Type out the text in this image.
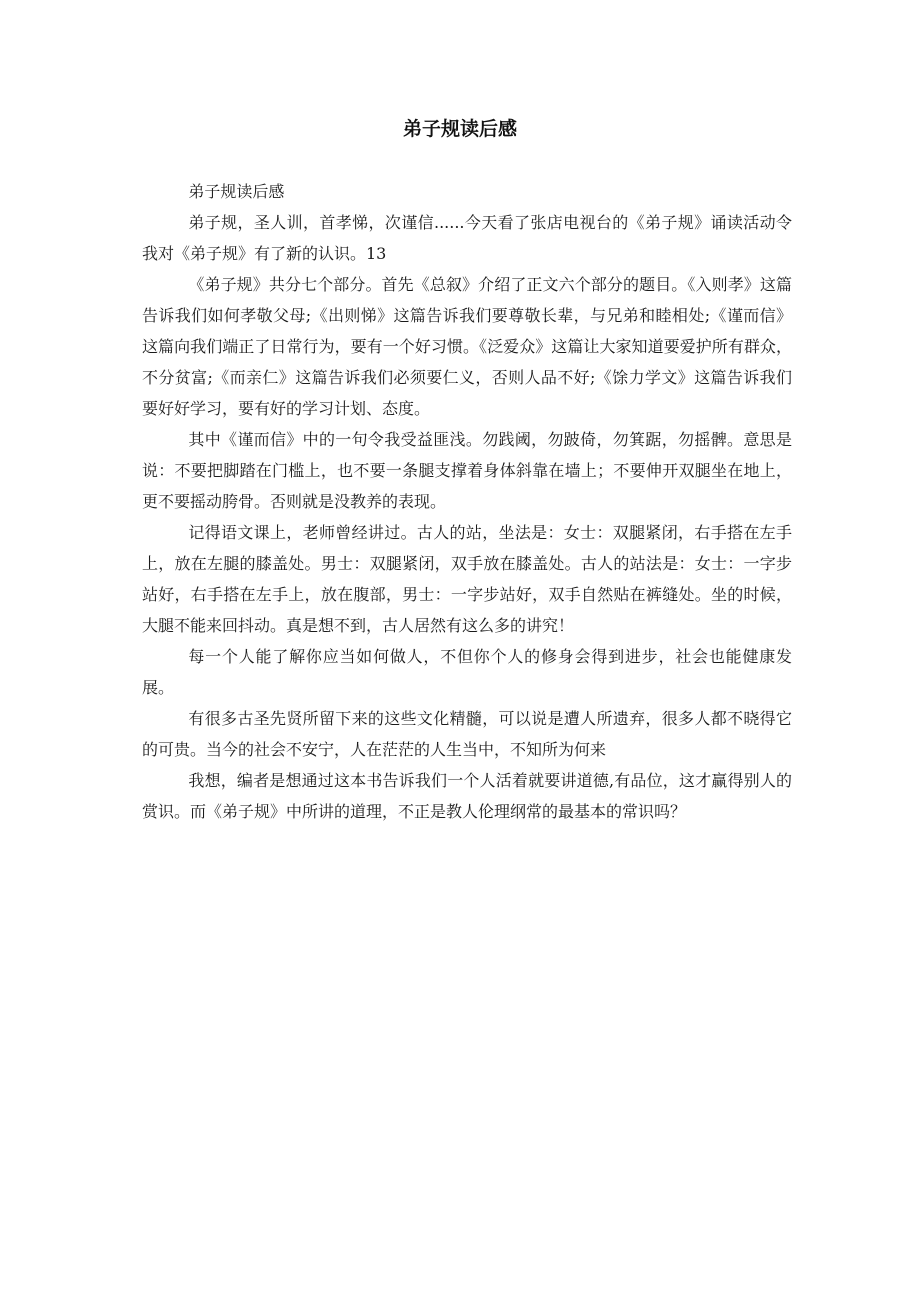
弟子规读后感

弟子规读后感

弟子规，圣人训，首孝悌，次谨信......今天看了张店电视台的《弟子规》诵读活动令我对《弟子规》有了新的认识。13

《弟子规》共分七个部分。首先《总叙》介绍了正文六个部分的题目。《入则孝》这篇告诉我们如何孝敬父母;《出则悌》这篇告诉我们要尊敬长辈，与兄弟和睦相处;《谨而信》这篇向我们端正了日常行为，要有一个好习惯。《泛爱众》这篇让大家知道要爱护所有群众，不分贫富;《而亲仁》这篇告诉我们必须要仁义，否则人品不好;《馀力学文》这篇告诉我们要好好学习，要有好的学习计划、态度。

其中《谨而信》中的一句令我受益匪浅。勿践阈，勿跛倚，勿箕踞，勿摇髀。意思是说：不要把脚踏在门槛上，也不要一条腿支撑着身体斜靠在墙上；不要伸开双腿坐在地上，更不要摇动胯骨。否则就是没教养的表现。

记得语文课上，老师曾经讲过。古人的站，坐法是：女士：双腿紧闭，右手搭在左手上，放在左腿的膝盖处。男士：双腿紧闭，双手放在膝盖处。古人的站法是：女士：一字步站好，右手搭在左手上，放在腹部，男士：一字步站好，双手自然贴在裤缝处。坐的时候，大腿不能来回抖动。真是想不到，古人居然有这么多的讲究！

每一个人能了解你应当如何做人，不但你个人的修身会得到进步，社会也能健康发展。

有很多古圣先贤所留下来的这些文化精髓，可以说是遭人所遗弃，很多人都不晓得它的可贵。当今的社会不安宁，人在茫茫的人生当中，不知所为何来

我想，编者是想通过这本书告诉我们一个人活着就要讲道德,有品位，这才赢得别人的赏识。而《弟子规》中所讲的道理，不正是教人伦理纲常的最基本的常识吗？
